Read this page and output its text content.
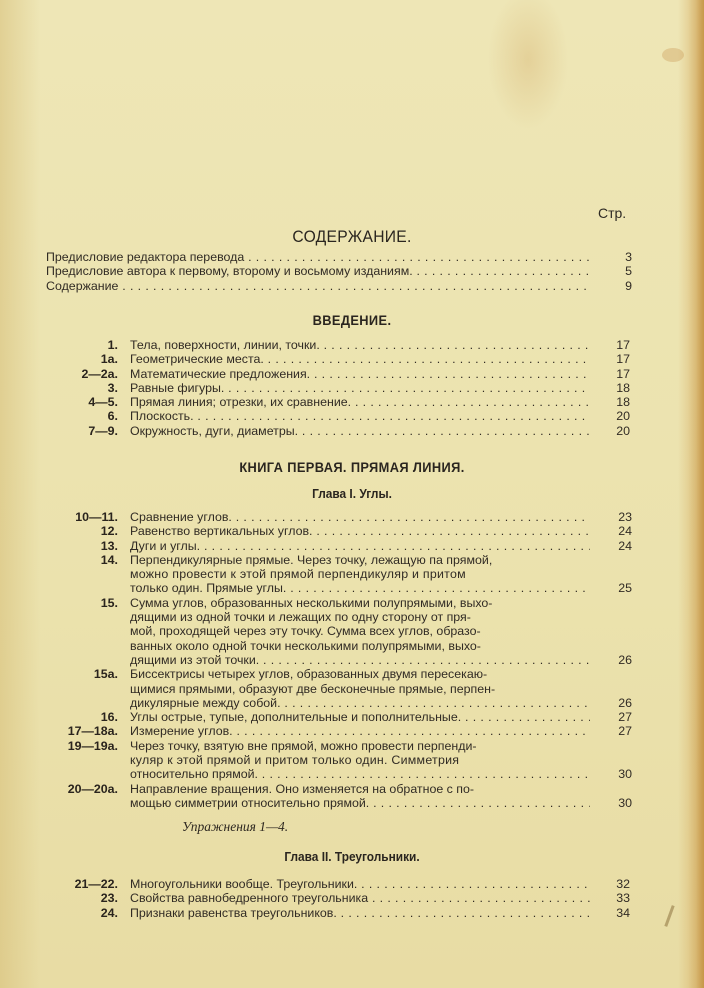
Стр.
СОДЕРЖАНИЕ.
Предисловие редактора перевода . . .	3
Предисловие автора к первому, второму и восьмому изданиям. . . .	5
Содержание . . .	9
ВВЕДЕНИЕ.
1. Тела, поверхности, линии, точки. . . .	17
1а. Геометрические места. . . .	17
2—2а. Математические предложения. . . .	17
3. Равные фигуры. . . .	18
4—5. Прямая линия; отрезки, их сравнение. . . .	18
6. Плоскость. . . .	20
7—9. Окружность, дуги, диаметры. . . .	20
КНИГА ПЕРВАЯ. ПРЯМАЯ ЛИНИЯ.
Глава I. Углы.
10—11. Сравнение углов. . . .	23
12. Равенство вертикальных углов. . . .	24
13. Дуги и углы. . . .	24
14. Перпендикулярные прямые. Через точку, лежащую па прямой,
можно провести к этой прямой перпендикуляр и притом
только один. Прямые углы. . . .	25
15. Сумма углов, образованных несколькими полупрямыми, выхо-
дящими из одной точки и лежащих по одну сторону от пря-
мой, проходящей через эту точку. Сумма всех углов, образо-
ванных около одной точки несколькими полупрямыми, выхо-
дящими из этой точки. . . .	26
15а. Биссектрисы четырех углов, образованных двумя пересекаю-
щимися прямыми, образуют две бесконечные прямые, перпен-
дикулярные между собой. . . .	26
16. Углы острые, тупые, дополнительные и пополнительные. . . .	27
17—18а. Измерение углов. . . .	27
19—19а. Через точку, взятую вне прямой, можно провести перпенди-
куляр к этой прямой и притом только один. Симметрия
относительно прямой. . . .	30
20—20а. Направление вращения. Оно изменяется на обратное с по-
мощью симметрии относительно прямой. . . .	30
Упражнения 1—4.
Глава II. Треугольники.
21—22. Многоугольники вообще. Треугольники. . . .	32
23. Свойства равнобедренного треугольника . . .	33
24. Признаки равенства треугольников. . . .	34
